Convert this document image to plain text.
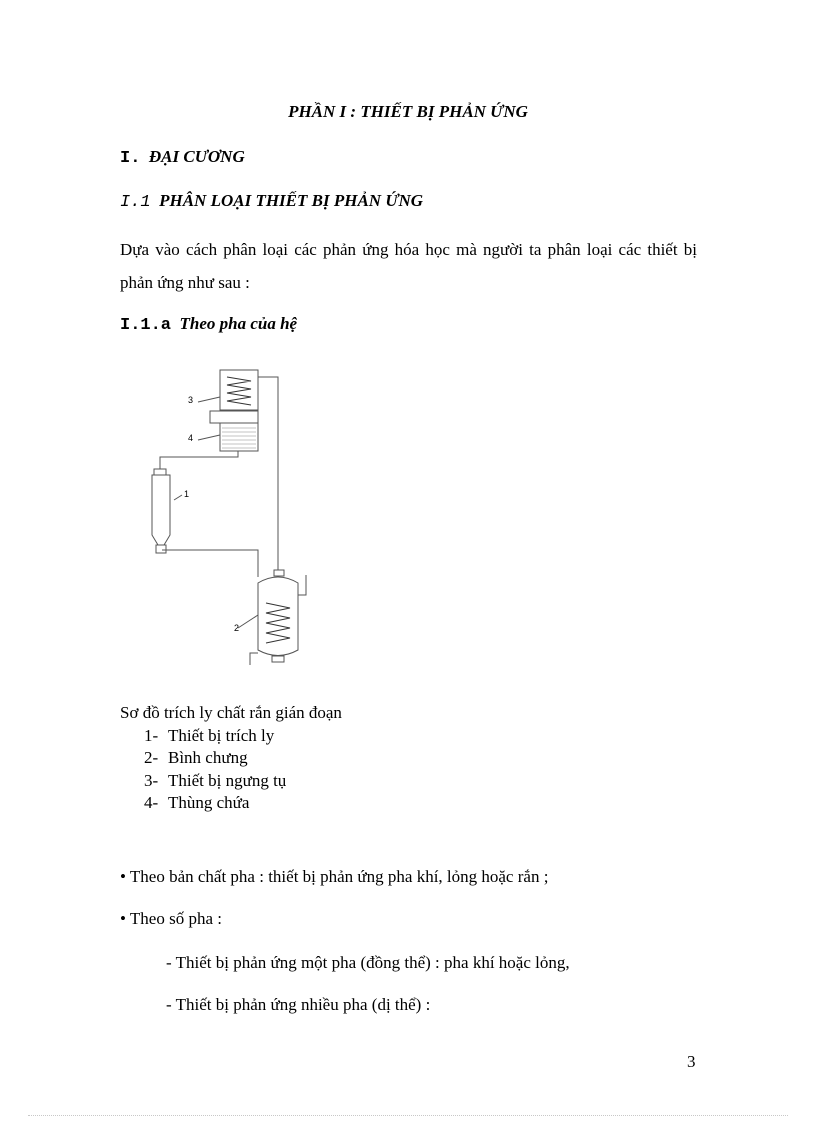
PHẦN I : THIẾT BỊ PHẢN ỨNG
I. ĐẠI CƯƠNG
I.1 PHÂN LOẠI THIẾT BỊ PHẢN ỨNG
Dựa vào cách phân loại các phản ứng hóa học mà người ta phân loại các thiết bị phản ứng như sau :
I.1.a Theo pha của hệ
3
4
1
2
Sơ đồ trích ly chất rắn gián đoạn
1- Thiết bị trích ly
2- Bình chưng
3- Thiết bị ngưng tụ
4- Thùng chứa
• Theo bản chất pha : thiết bị phản ứng pha khí, lỏng hoặc rắn ;
• Theo số pha :
- Thiết bị phản ứng một pha (đồng thể) : pha khí hoặc lỏng,
- Thiết bị phản ứng nhiều pha (dị thể) :
3
